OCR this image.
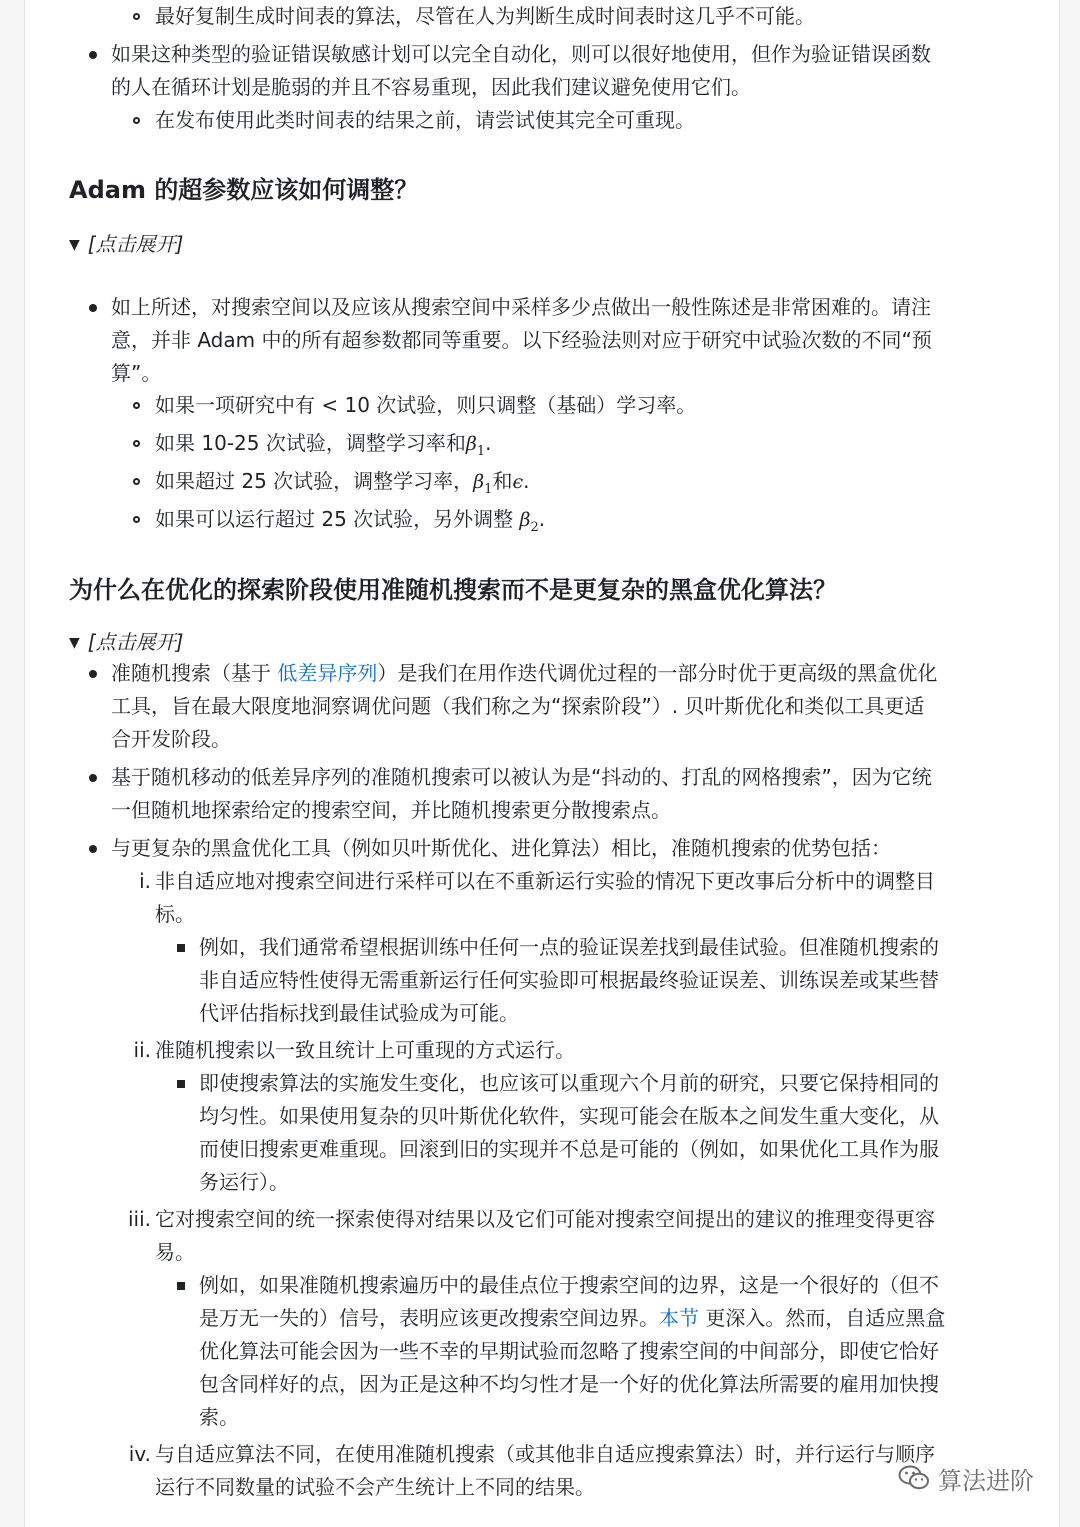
最好复制生成时间表的算法，尽管在人为判断生成时间表时这几乎不可能。
如果这种类型的验证错误敏感计划可以完全自动化，则可以很好地使用，但作为验证错误函数
的人在循环计划是脆弱的并且不容易重现，因此我们建议避免使用它们。
在发布使用此类时间表的结果之前，请尝试使其完全可重现。
Adam 的超参数应该如何调整？
▼ [点击展开]
如上所述，对搜索空间以及应该从搜索空间中采样多少点做出一般性陈述是非常困难的。请注
意，并非 Adam 中的所有超参数都同等重要。以下经验法则对应于研究中试验次数的不同“预
算”。
如果一项研究中有 < 10 次试验，则只调整（基础）学习率。
如果 10-25 次试验，调整学习率和$\beta_1$.
如果超过 25 次试验，调整学习率，$\beta_1$和ϵ.
如果可以运行超过 25 次试验，另外调整 $\beta_2$.
为什么在优化的探索阶段使用准随机搜索而不是更复杂的黑盒优化算法？
▼ [点击展开]
准随机搜索（基于 低差异序列）是我们在用作迭代调优过程的一部分时优于更高级的黑盒优化
工具，旨在最大限度地洞察调优问题（我们称之为“探索阶段”）. 贝叶斯优化和类似工具更适
合开发阶段。
基于随机移动的低差异序列的准随机搜索可以被认为是“抖动的、打乱的网格搜索”，因为它统
一但随机地探索给定的搜索空间，并比随机搜索更分散搜索点。
与更复杂的黑盒优化工具（例如贝叶斯优化、进化算法）相比，准随机搜索的优势包括：
i. 非自适应地对搜索空间进行采样可以在不重新运行实验的情况下更改事后分析中的调整目
标。
例如，我们通常希望根据训练中任何一点的验证误差找到最佳试验。但准随机搜索的
非自适应特性使得无需重新运行任何实验即可根据最终验证误差、训练误差或某些替
代评估指标找到最佳试验成为可能。
ii. 准随机搜索以一致且统计上可重现的方式运行。
即使搜索算法的实施发生变化，也应该可以重现六个月前的研究，只要它保持相同的
均匀性。如果使用复杂的贝叶斯优化软件，实现可能会在版本之间发生重大变化，从
而使旧搜索更难重现。回滚到旧的实现并不总是可能的（例如，如果优化工具作为服
务运行）。
iii. 它对搜索空间的统一探索使得对结果以及它们可能对搜索空间提出的建议的推理变得更容
易。
例如，如果准随机搜索遍历中的最佳点位于搜索空间的边界，这是一个很好的（但不
是万无一失的）信号，表明应该更改搜索空间边界。本节 更深入。然而，自适应黑盒
优化算法可能会因为一些不幸的早期试验而忽略了搜索空间的中间部分，即使它恰好
包含同样好的点，因为正是这种不均匀性才是一个好的优化算法所需要的雇用加快搜
索。
iv. 与自适应算法不同，在使用准随机搜索（或其他非自适应搜索算法）时，并行运行与顺序
运行不同数量的试验不会产生统计上不同的结果。	算法进阶
